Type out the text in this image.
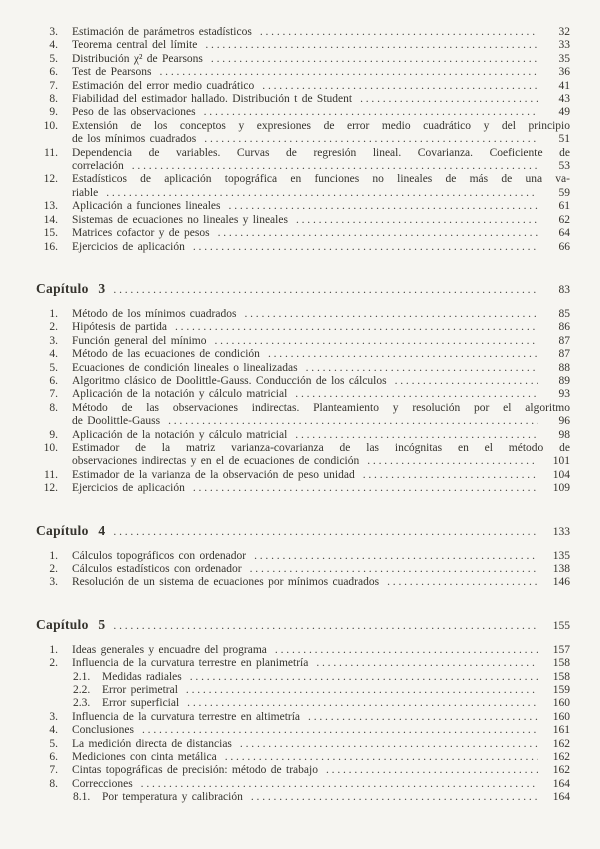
3. Estimación de parámetros estadísticos .....	32
4. Teorema central del límite .....	33
5. Distribución χ² de Pearsons .....	35
6. Test de Pearsons .....	36
7. Estimación del error medio cuadrático .....	41
8. Fiabilidad del estimador hallado. Distribución t de Student .....	43
9. Peso de las observaciones .....	49
10. Extensión de los conceptos y expresiones de error medio cuadrático y del principio
de los mínimos cuadrados .....	51
11. Dependencia de variables. Curvas de regresión lineal. Covarianza. Coeficiente de
correlación .....	53
12. Estadísticos de aplicación topográfica en funciones no lineales de más de una va-
riable .....	59
13. Aplicación a funciones lineales .....	61
14. Sistemas de ecuaciones no lineales y lineales .....	62
15. Matrices cofactor y de pesos .....	64
16. Ejercicios de aplicación .....	66
Capítulo 3 .....	83
1. Método de los mínimos cuadrados .....	85
2. Hipótesis de partida .....	86
3. Función general del mínimo .....	87
4. Método de las ecuaciones de condición .....	87
5. Ecuaciones de condición lineales o linealizadas .....	88
6. Algoritmo clásico de Doolittle-Gauss. Conducción de los cálculos .....	89
7. Aplicación de la notación y cálculo matricial .....	93
8. Método de las observaciones indirectas. Planteamiento y resolución por el algoritmo
de Doolittle-Gauss .....	96
9. Aplicación de la notación y cálculo matricial .....	98
10. Estimador de la matriz varianza-covarianza de las incógnitas en el método de
observaciones indirectas y en el de ecuaciones de condición .....	101
11. Estimador de la varianza de la observación de peso unidad .....	104
12. Ejercicios de aplicación .....	109
Capítulo 4 .....	133
1. Cálculos topográficos con ordenador .....	135
2. Cálculos estadísticos con ordenador .....	138
3. Resolución de un sistema de ecuaciones por mínimos cuadrados .....	146
Capítulo 5 .....	155
1. Ideas generales y encuadre del programa .....	157
2. Influencia de la curvatura terrestre en planimetría .....	158
2.1.	Medidas radiales .....	158
2.2.	Error perimetral .....	159
2.3.	Error superficial .....	160
3. Influencia de la curvatura terrestre en altimetría .....	160
4. Conclusiones .....	161
5. La medición directa de distancias .....	162
6. Mediciones con cinta metálica .....	162
7. Cintas topográficas de precisión: método de trabajo .....	162
8. Correcciones .....	164
8.1.	Por temperatura y calibración .....	164
